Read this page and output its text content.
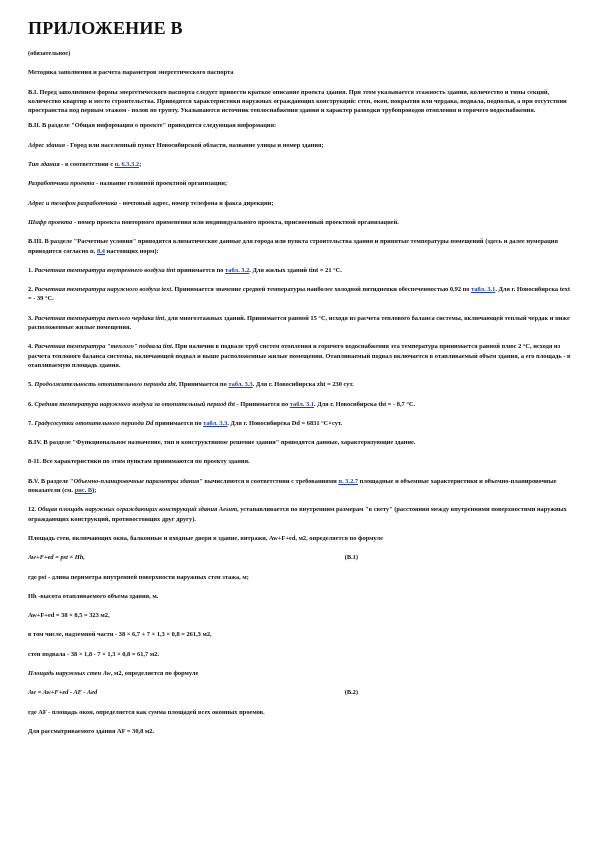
ПРИЛОЖЕНИЕ В

(обязательное)

Методика заполнения и расчета параметров энергетического паспорта

В.I. Перед заполнением формы энергетического паспорта следует привести краткое описание проекта здания. При этом указывается этажность здания, количество и типы секций, количество квартир и место строительства. Приводятся характеристики наружных ограждающих конструкций: стен, окон, покрытия или чердака, подвала, подполья, а при отсутствии пространства под первым этажом - полов по грунту. Указываются источник теплоснабжения здания и характер разводки трубопроводов отопления и горячего водоснабжения.

В.II. В разделе "Общая информация о проекте" приводится следующая информация:

Адрес здания - Город или населенный пункт Новосибирской области, название улицы и номер здания;

Тип здания - в соответствии с п. 6.3.3.2;

Разработчики проекта - название головной проектной организации;

Адрес и телефон разработчика - почтовый адрес, номер телефона и факса дирекции;

Шифр проекта - номер проекта повторного применения или индивидуального проекта, присвоенный проектной организацией.

В.III. В разделе "Расчетные условия" приводятся климатические данные для города или пункта строительства здания и принятые температуры помещений (здесь и далее нумерация приводится согласно п. 8.4 настоящих норм):

1. Расчетная температура внутреннего воздуха tint принимается по табл. 3.2. Для жилых зданий tint = 21 °С.

2. Расчетная температура наружного воздуха text. Принимается значение средней температуры наиболее холодной пятидневки обеспеченностью 0,92 по табл. 3.1. Для г. Новосибирска text = - 39 °С.

3. Расчетная температура теплого чердака tint, для многоэтажных зданий. Принимается равной 15 °С, исходя из расчета теплового баланса системы, включающей теплый чердак и ниже расположенные жилые помещения.

4. Расчетная температура "теплого" подвала tint. При наличии в подвале труб систем отопления и горячего водоснабжения эта температура принимается равной плюс 2 °С, исходя из расчета теплового баланса системы, включающей подвал и выше расположенные жилые помещения. Отапливаемый подвал включается в отапливаемый объем здания, а его площадь - в отапливаемую площадь здания.

5. Продолжительность отопительного периода zht. Принимается по табл. 3.3. Для г. Новосибирска zht = 230 сут.

6. Средняя температура наружного воздуха за отопительный период tht - Принимается по табл. 3.1. Для г. Новосибирска tht = - 8,7 °С.

7. Градусосутки отопительного периода Dd принимается по табл. 3.3. Для г. Новосибирска Dd = 6831 °С×сут.

В.IV. В разделе "Функциональное назначение, тип и конструктивное решение здания" приводятся данные, характеризующие здание.

8-11. Все характеристики по этим пунктам принимаются по проекту здания.

В.V. В разделе "Объемно-планировочные параметры здания" вычисляются в соответствии с требованиями п. 3.2.7 площадные и объемные характеристики и объемно-планировочные показатели (см. рис. В);

12. Общая площадь наружных ограждающих конструкций здания Aesum, устанавливается по внутренним размерам "в свету" (расстояния между внутренними поверхностями наружных ограждающих конструкций, противостоящих друг другу).

Площадь стен, включающих окна, балконные и входные двери в здание, витражи, Aw+F+ed, м2, определяется по формуле

Aw+F+ed = pst × Hh,	(В.1)

где pst - длина периметра внутренней поверхности наружных стен этажа, м;

Hh -высота отапливаемого объема здания, м.

Aw+F+ed = 38 × 8,5 = 323 м2,

в том числе, надземной части - 38 × 6,7 + 7 × 1,3 × 0,8 = 261,3 м2,

стен подвала - 38 × 1,8 - 7 × 1,3 × 0,8 = 61,7 м2.

Площадь наружных стен Aw, м2, определяется по формуле

Aw = Aw+F+ed - AF - Aed	(В.2)

где AF - площадь окон, определяется как сумма площадей всех оконных проемов.

Для рассматриваемого здания AF = 30,8 м2.
